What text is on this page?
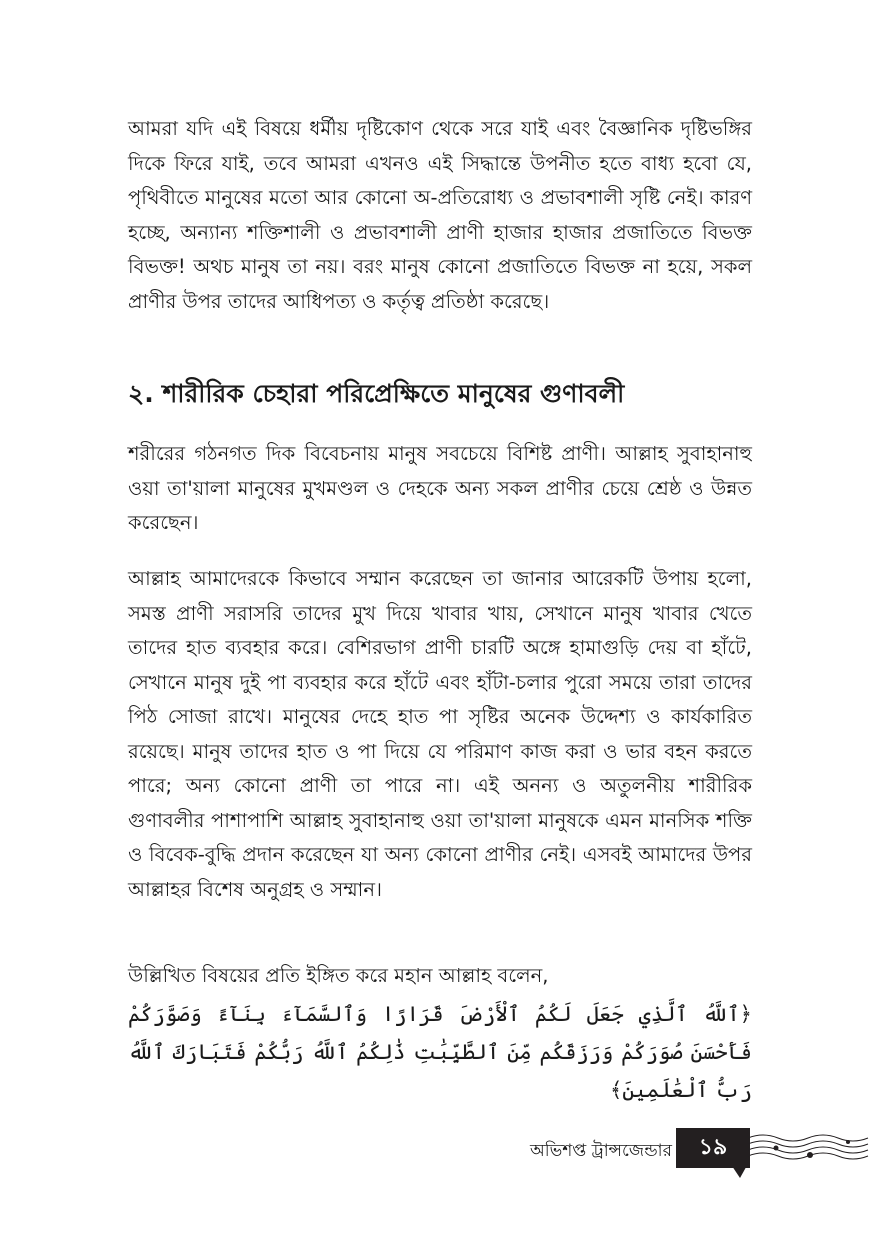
আমরা যদি এই বিষয়ে ধর্মীয় দৃষ্টিকোণ থেকে সরে যাই এবং বৈজ্ঞানিক দৃষ্টিভঙ্গির দিকে ফিরে যাই, তবে আমরা এখনও এই সিদ্ধান্তে উপনীত হতে বাধ্য হবো যে, পৃথিবীতে মানুষের মতো আর কোনো অ-প্রতিরোধ্য ও প্রভাবশালী সৃষ্টি নেই। কারণ হচ্ছে, অন্যান্য শক্তিশালী ও প্রভাবশালী প্রাণী হাজার হাজার প্রজাতিতে বিভক্ত বিভক্ত! অথচ মানুষ তা নয়। বরং মানুষ কোনো প্রজাতিতে বিভক্ত না হয়ে, সকল প্রাণীর উপর তাদের আধিপত্য ও কর্তৃত্ব প্রতিষ্ঠা করেছে।

২. শারীরিক চেহারা পরিপ্রেক্ষিতে মানুষের গুণাবলী

শরীরের গঠনগত দিক বিবেচনায় মানুষ সবচেয়ে বিশিষ্ট প্রাণী। আল্লাহ সুবাহানাহু ওয়া তা'য়ালা মানুষের মুখমণ্ডল ও দেহকে অন্য সকল প্রাণীর চেয়ে শ্রেষ্ঠ ও উন্নত করেছেন।

আল্লাহ আমাদেরকে কিভাবে সম্মান করেছেন তা জানার আরেকটি উপায় হলো, সমস্ত প্রাণী সরাসরি তাদের মুখ দিয়ে খাবার খায়, সেখানে মানুষ খাবার খেতে তাদের হাত ব্যবহার করে। বেশিরভাগ প্রাণী চারটি অঙ্গে হামাগুড়ি দেয় বা হাঁটে, সেখানে মানুষ দুই পা ব্যবহার করে হাঁটে এবং হাঁটা-চলার পুরো সময়ে তারা তাদের পিঠ সোজা রাখে। মানুষের দেহে হাত পা সৃষ্টির অনেক উদ্দেশ্য ও কার্যকারিত রয়েছে। মানুষ তাদের হাত ও পা দিয়ে যে পরিমাণ কাজ করা ও ভার বহন করতে পারে; অন্য কোনো প্রাণী তা পারে না। এই অনন্য ও অতুলনীয় শারীরিক গুণাবলীর পাশাপাশি আল্লাহ সুবাহানাহু ওয়া তা'য়ালা মানুষকে এমন মানসিক শক্তি ও বিবেক-বুদ্ধি প্রদান করেছেন যা অন্য কোনো প্রাণীর নেই। এসবই আমাদের উপর আল্লাহর বিশেষ অনুগ্রহ ও সম্মান।

উল্লিখিত বিষয়ের প্রতি ইঙ্গিত করে মহান আল্লাহ বলেন,

﴿ٱللَّهُ ٱلَّذِي جَعَلَ لَكُمُ ٱلْأَرْضَ قَرَارًا وَٱلسَّمَآءَ بِنَآءً وَصَوَّرَكُمْ فَأَحْسَنَ صُوَرَكُمْ وَرَزَقَكُم مِّنَ ٱلطَّيِّبَٰتِ ذَٰلِكُمُ ٱللَّهُ رَبُّكُمْ فَتَبَارَكَ ٱللَّهُ رَبُّ ٱلْعَٰلَمِينَ﴾
অভিশপ্ত ট্রান্সজেন্ডার	১৯
